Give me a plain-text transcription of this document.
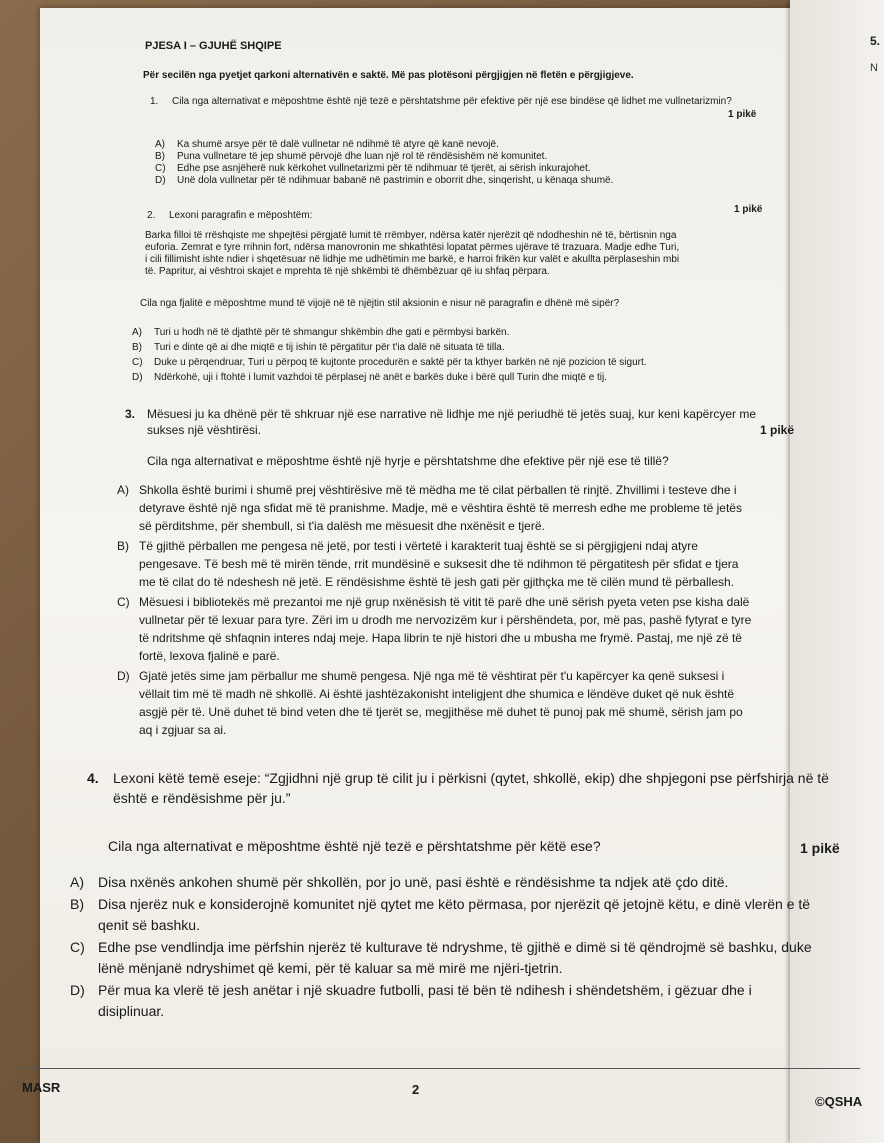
5.
N
PJESA I – GJUHË SHQIPE
Për secilën nga pyetjet qarkoni alternativën e saktë. Më pas plotësoni përgjigjen në fletën e përgjigjeve.
1.	Cila nga alternativat e mëposhtme është një tezë e përshtatshme për efektive për një ese bindëse që lidhet me vullnetarizmin?
1 pikë
A)	Ka shumë arsye për të dalë vullnetar në ndihmë të atyre që kanë nevojë.
B)	Puna vullnetare të jep shumë përvojë dhe luan një rol të rëndësishëm në komunitet.
C)	Edhe pse asnjëherë nuk kërkohet vullnetarizmi për të ndihmuar të tjerët, ai sërish inkurajohet.
D)	Unë dola vullnetar për të ndihmuar babanë në pastrimin e oborrit dhe, sinqerisht, u kënaqa shumë.
1 pikë
2.	Lexoni paragrafin e mëposhtëm:
Barka filloi të rrëshqiste me shpejtësi përgjatë lumit të rrëmbyer, ndërsa katër njerëzit që ndodheshin në të, bërtisnin nga
euforia. Zemrat e tyre rrihnin fort, ndërsa manovronin me shkathtësi lopatat përmes ujërave të trazuara. Madje edhe Turi,
i cili fillimisht ishte ndier i shqetësuar në lidhje me udhëtimin me barkë, e harroi frikën kur valët e akullta përplaseshin mbi
të. Papritur, ai vështroi skajet e mprehta të një shkëmbi të dhëmbëzuar që iu shfaq përpara.
Cila nga fjalitë e mëposhtme mund të vijojë në të njëjtin stil aksionin e nisur në paragrafin e dhënë më sipër?
A)	Turi u hodh në të djathtë për të shmangur shkëmbin dhe gati e përmbysi barkën.
B)	Turi e dinte që ai dhe miqtë e tij ishin të përgatitur për t'ia dalë në situata të tilla.
C)	Duke u përqendruar, Turi u përpoq të kujtonte procedurën e saktë për ta kthyer barkën në një pozicion të sigurt.
D)	Ndërkohë, uji i ftohtë i lumit vazhdoi të përplasej në anët e barkës duke i bërë qull Turin dhe miqtë e tij.
3. Mësuesi ju ka dhënë për të shkruar një ese narrative në lidhje me një periudhë të jetës suaj, kur keni kapërcyer me
sukses një vështirësi.	1 pikë
Cila nga alternativat e mëposhtme është një hyrje e përshtatshme dhe efektive për një ese të tillë?
A) Shkolla është burimi i shumë prej vështirësive më të mëdha me të cilat përballen të rinjtë. Zhvillimi i testeve dhe i
detyrave është një nga sfidat më të pranishme. Madje, më e vështira është të merresh edhe me probleme të jetës
së përditshme, për shembull, si t'ia dalësh me mësuesit dhe nxënësit e tjerë.
B) Të gjithë përballen me pengesa në jetë, por testi i vërtetë i karakterit tuaj është se si përgjigjeni ndaj atyre
pengesave. Të besh më të mirën tënde, rrit mundësinë e suksesit dhe të ndihmon të përgatitesh për sfidat e tjera
me të cilat do të ndeshesh në jetë. E rëndësishme është të jesh gati për gjithçka me të cilën mund të përballesh.
C) Mësuesi i bibliotekës më prezantoi me një grup nxënësish të vitit të parë dhe unë sërish pyeta veten pse kisha dalë
vullnetar për të lexuar para tyre. Zëri im u drodh me nervozizëm kur i përshëndeta, por, më pas, pashë fytyrat e tyre
të ndritshme që shfaqnin interes ndaj meje. Hapa librin te një histori dhe u mbusha me frymë. Pastaj, me një zë të
fortë, lexova fjalinë e parë.
D) Gjatë jetës sime jam përballur me shumë pengesa. Një nga më të vështirat për t'u kapërcyer ka qenë suksesi i
vëllait tim më të madh në shkollë. Ai është jashtëzakonisht inteligjent dhe shumica e lëndëve duket që nuk është
asgjë për të. Unë duhet të bind veten dhe të tjerët se, megjithëse më duhet të punoj pak më shumë, sërish jam po
aq i zgjuar sa ai.
4.	Lexoni këtë temë eseje: “Zgjidhni një grup të cilit ju i përkisni (qytet, shkollë, ekip) dhe shpjegoni pse përfshirja në të
është e rëndësishme për ju.”
Cila nga alternativat e mëposhtme është një tezë e përshtatshme për këtë ese?	1 pikë
A)	Disa nxënës ankohen shumë për shkollën, por jo unë, pasi është e rëndësishme ta ndjek atë çdo ditë.
B)	Disa njerëz nuk e konsiderojnë komunitet një qytet me këto përmasa, por njerëzit që jetojnë këtu, e dinë vlerën e të
qenit së bashku.
C) Edhe pse vendlindja ime përfshin njerëz të kulturave të ndryshme, të gjithë e dimë si të qëndrojmë së bashku, duke
lënë mënjanë ndryshimet që kemi, për të kaluar sa më mirë me njëri-tjetrin.
D) Për mua ka vlerë të jesh anëtar i një skuadre futbolli, pasi të bën të ndihesh i shëndetshëm, i gëzuar dhe i
disiplinuar.
MASR	2
©QSHA
